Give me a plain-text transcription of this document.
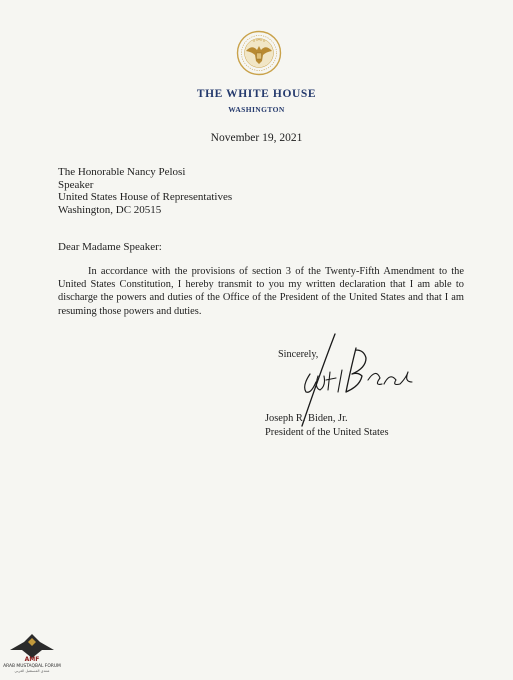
THE WHITE HOUSE
WASHINGTON
November 19, 2021
The Honorable Nancy Pelosi
Speaker
United States House of Representatives
Washington, DC 20515
Dear Madame Speaker:
In accordance with the provisions of section 3 of the Twenty-Fifth Amendment to the United States Constitution, I hereby transmit to you my written declaration that I am able to discharge the powers and duties of the Office of the President of the United States and that I am resuming those powers and duties.
Sincerely,
Joseph R. Biden, Jr.
President of the United States
AMF
ARAB MUSTAQBAL FORUM
منتدى المستقبل العربي
